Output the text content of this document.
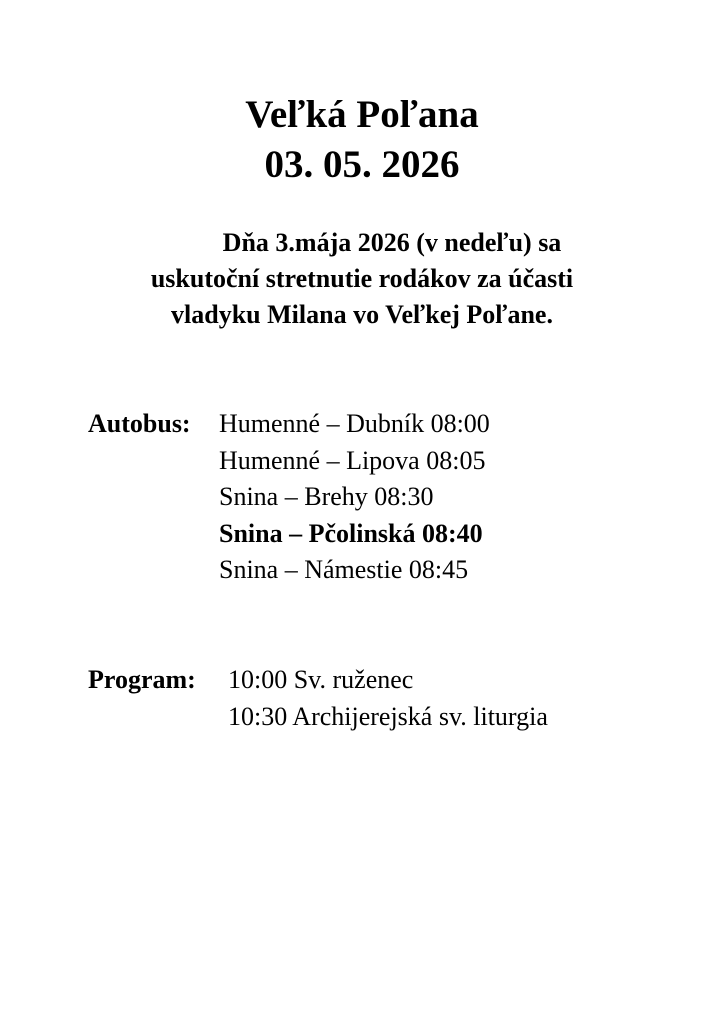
Veľká Poľana
03. 05. 2026

Dňa 3.mája 2026 (v nedeľu) sa
uskutoční stretnutie rodákov za účasti
vladyku Milana vo Veľkej Poľane.

Autobus: Humenné – Dubník 08:00
Humenné – Lipova 08:05
Snina – Brehy 08:30
Snina – Pčolinská 08:40
Snina – Námestie 08:45
Program: 10:00 Sv. ruženec
10:30 Archijerejská sv. liturgia
